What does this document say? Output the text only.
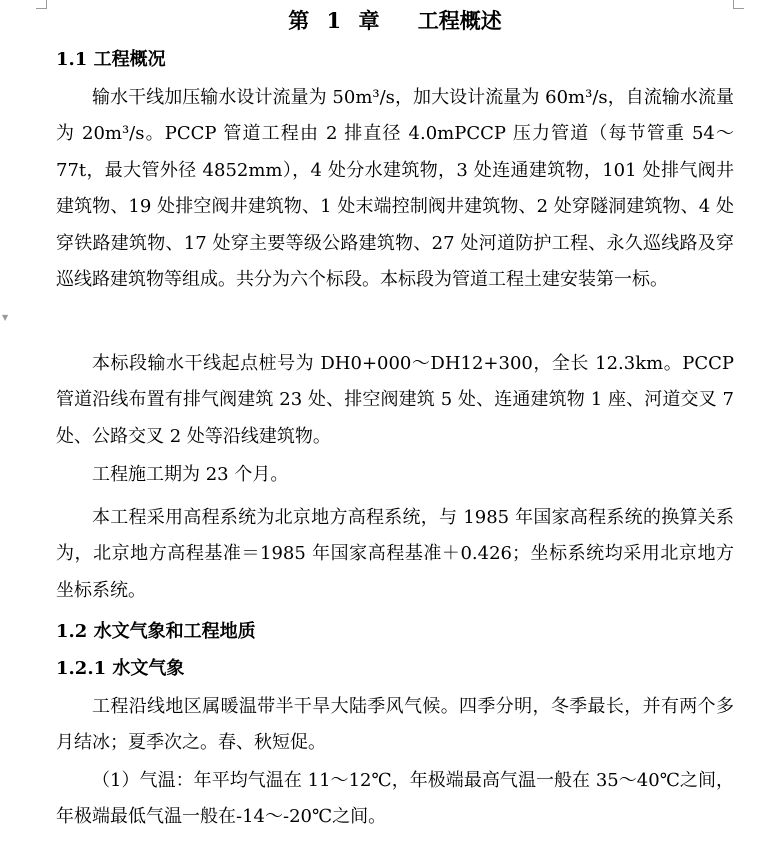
▼
第 1 章　 工程概述
1.1 工程概况

输水干线加压输水设计流量为 50m³/s，加大设计流量为 60m³/s，自流输水流量为 20m³/s。PCCP 管道工程由 2 排直径 4.0mPCCP 压力管道（每节管重 54～77t，最大管外径 4852mm），4 处分水建筑物，3 处连通建筑物，101 处排气阀井建筑物、19 处排空阀井建筑物、1 处末端控制阀井建筑物、2 处穿隧洞建筑物、4 处穿铁路建筑物、17 处穿主要等级公路建筑物、27 处河道防护工程、永久巡线路及穿巡线路建筑物等组成。共分为六个标段。本标段为管道工程土建安装第一标。

本标段输水干线起点桩号为 DH0+000～DH12+300，全长 12.3km。PCCP 管道沿线布置有排气阀建筑 23 处、排空阀建筑 5 处、连通建筑物 1 座、河道交叉 7 处、公路交叉 2 处等沿线建筑物。

工程施工期为 23 个月。

本工程采用高程系统为北京地方高程系统，与 1985 年国家高程系统的换算关系为，北京地方高程基准＝1985 年国家高程基准＋0.426；坐标系统均采用北京地方坐标系统。

1.2 水文气象和工程地质
1.2.1 水文气象

工程沿线地区属暖温带半干旱大陆季风气候。四季分明，冬季最长，并有两个多月结冰；夏季次之。春、秋短促。

（1）气温：年平均气温在 11～12℃，年极端最高气温一般在 35～40℃之间，年极端最低气温一般在-14～-20℃之间。
